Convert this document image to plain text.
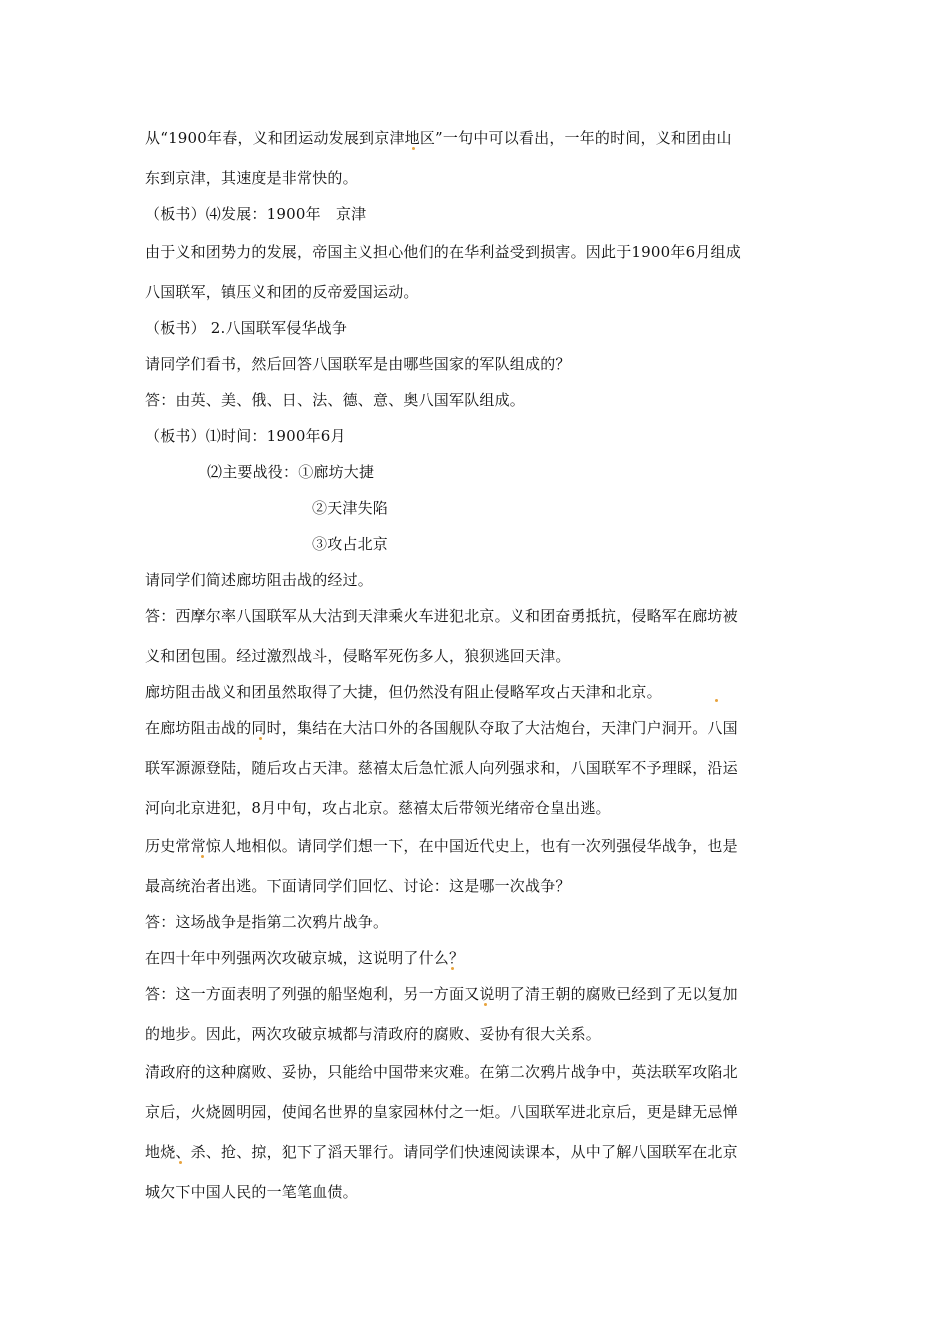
从“1900年春，义和团运动发展到京津地区”一句中可以看出，一年的时间，义和团由山
东到京津，其速度是非常快的。
（板书）⑷发展：1900年　京津
由于义和团势力的发展，帝国主义担心他们的在华利益受到损害。因此于1900年6月组成
八国联军，镇压义和团的反帝爱国运动。
（板书） 2.八国联军侵华战争
请同学们看书，然后回答八国联军是由哪些国家的军队组成的？
答：由英、美、俄、日、法、德、意、奥八国军队组成。
（板书）⑴时间：1900年6月
⑵主要战役：①廊坊大捷
②天津失陷
③攻占北京
请同学们简述廊坊阻击战的经过。
答：西摩尔率八国联军从大沽到天津乘火车进犯北京。义和团奋勇抵抗，侵略军在廊坊被
义和团包围。经过激烈战斗，侵略军死伤多人，狼狈逃回天津。
廊坊阻击战义和团虽然取得了大捷，但仍然没有阻止侵略军攻占天津和北京。
在廊坊阻击战的同时，集结在大沽口外的各国舰队夺取了大沽炮台，天津门户洞开。八国
联军源源登陆，随后攻占天津。慈禧太后急忙派人向列强求和，八国联军不予理睬，沿运
河向北京进犯，8月中旬，攻占北京。慈禧太后带领光绪帝仓皇出逃。
历史常常惊人地相似。请同学们想一下，在中国近代史上，也有一次列强侵华战争，也是
最高统治者出逃。下面请同学们回忆、讨论：这是哪一次战争？
答：这场战争是指第二次鸦片战争。
在四十年中列强两次攻破京城，这说明了什么？
答：这一方面表明了列强的船坚炮利，另一方面又说明了清王朝的腐败已经到了无以复加
的地步。因此，两次攻破京城都与清政府的腐败、妥协有很大关系。
清政府的这种腐败、妥协，只能给中国带来灾难。在第二次鸦片战争中，英法联军攻陷北
京后，火烧圆明园，使闻名世界的皇家园林付之一炬。八国联军进北京后，更是肆无忌惮
地烧、杀、抢、掠，犯下了滔天罪行。请同学们快速阅读课本，从中了解八国联军在北京
城欠下中国人民的一笔笔血债。
